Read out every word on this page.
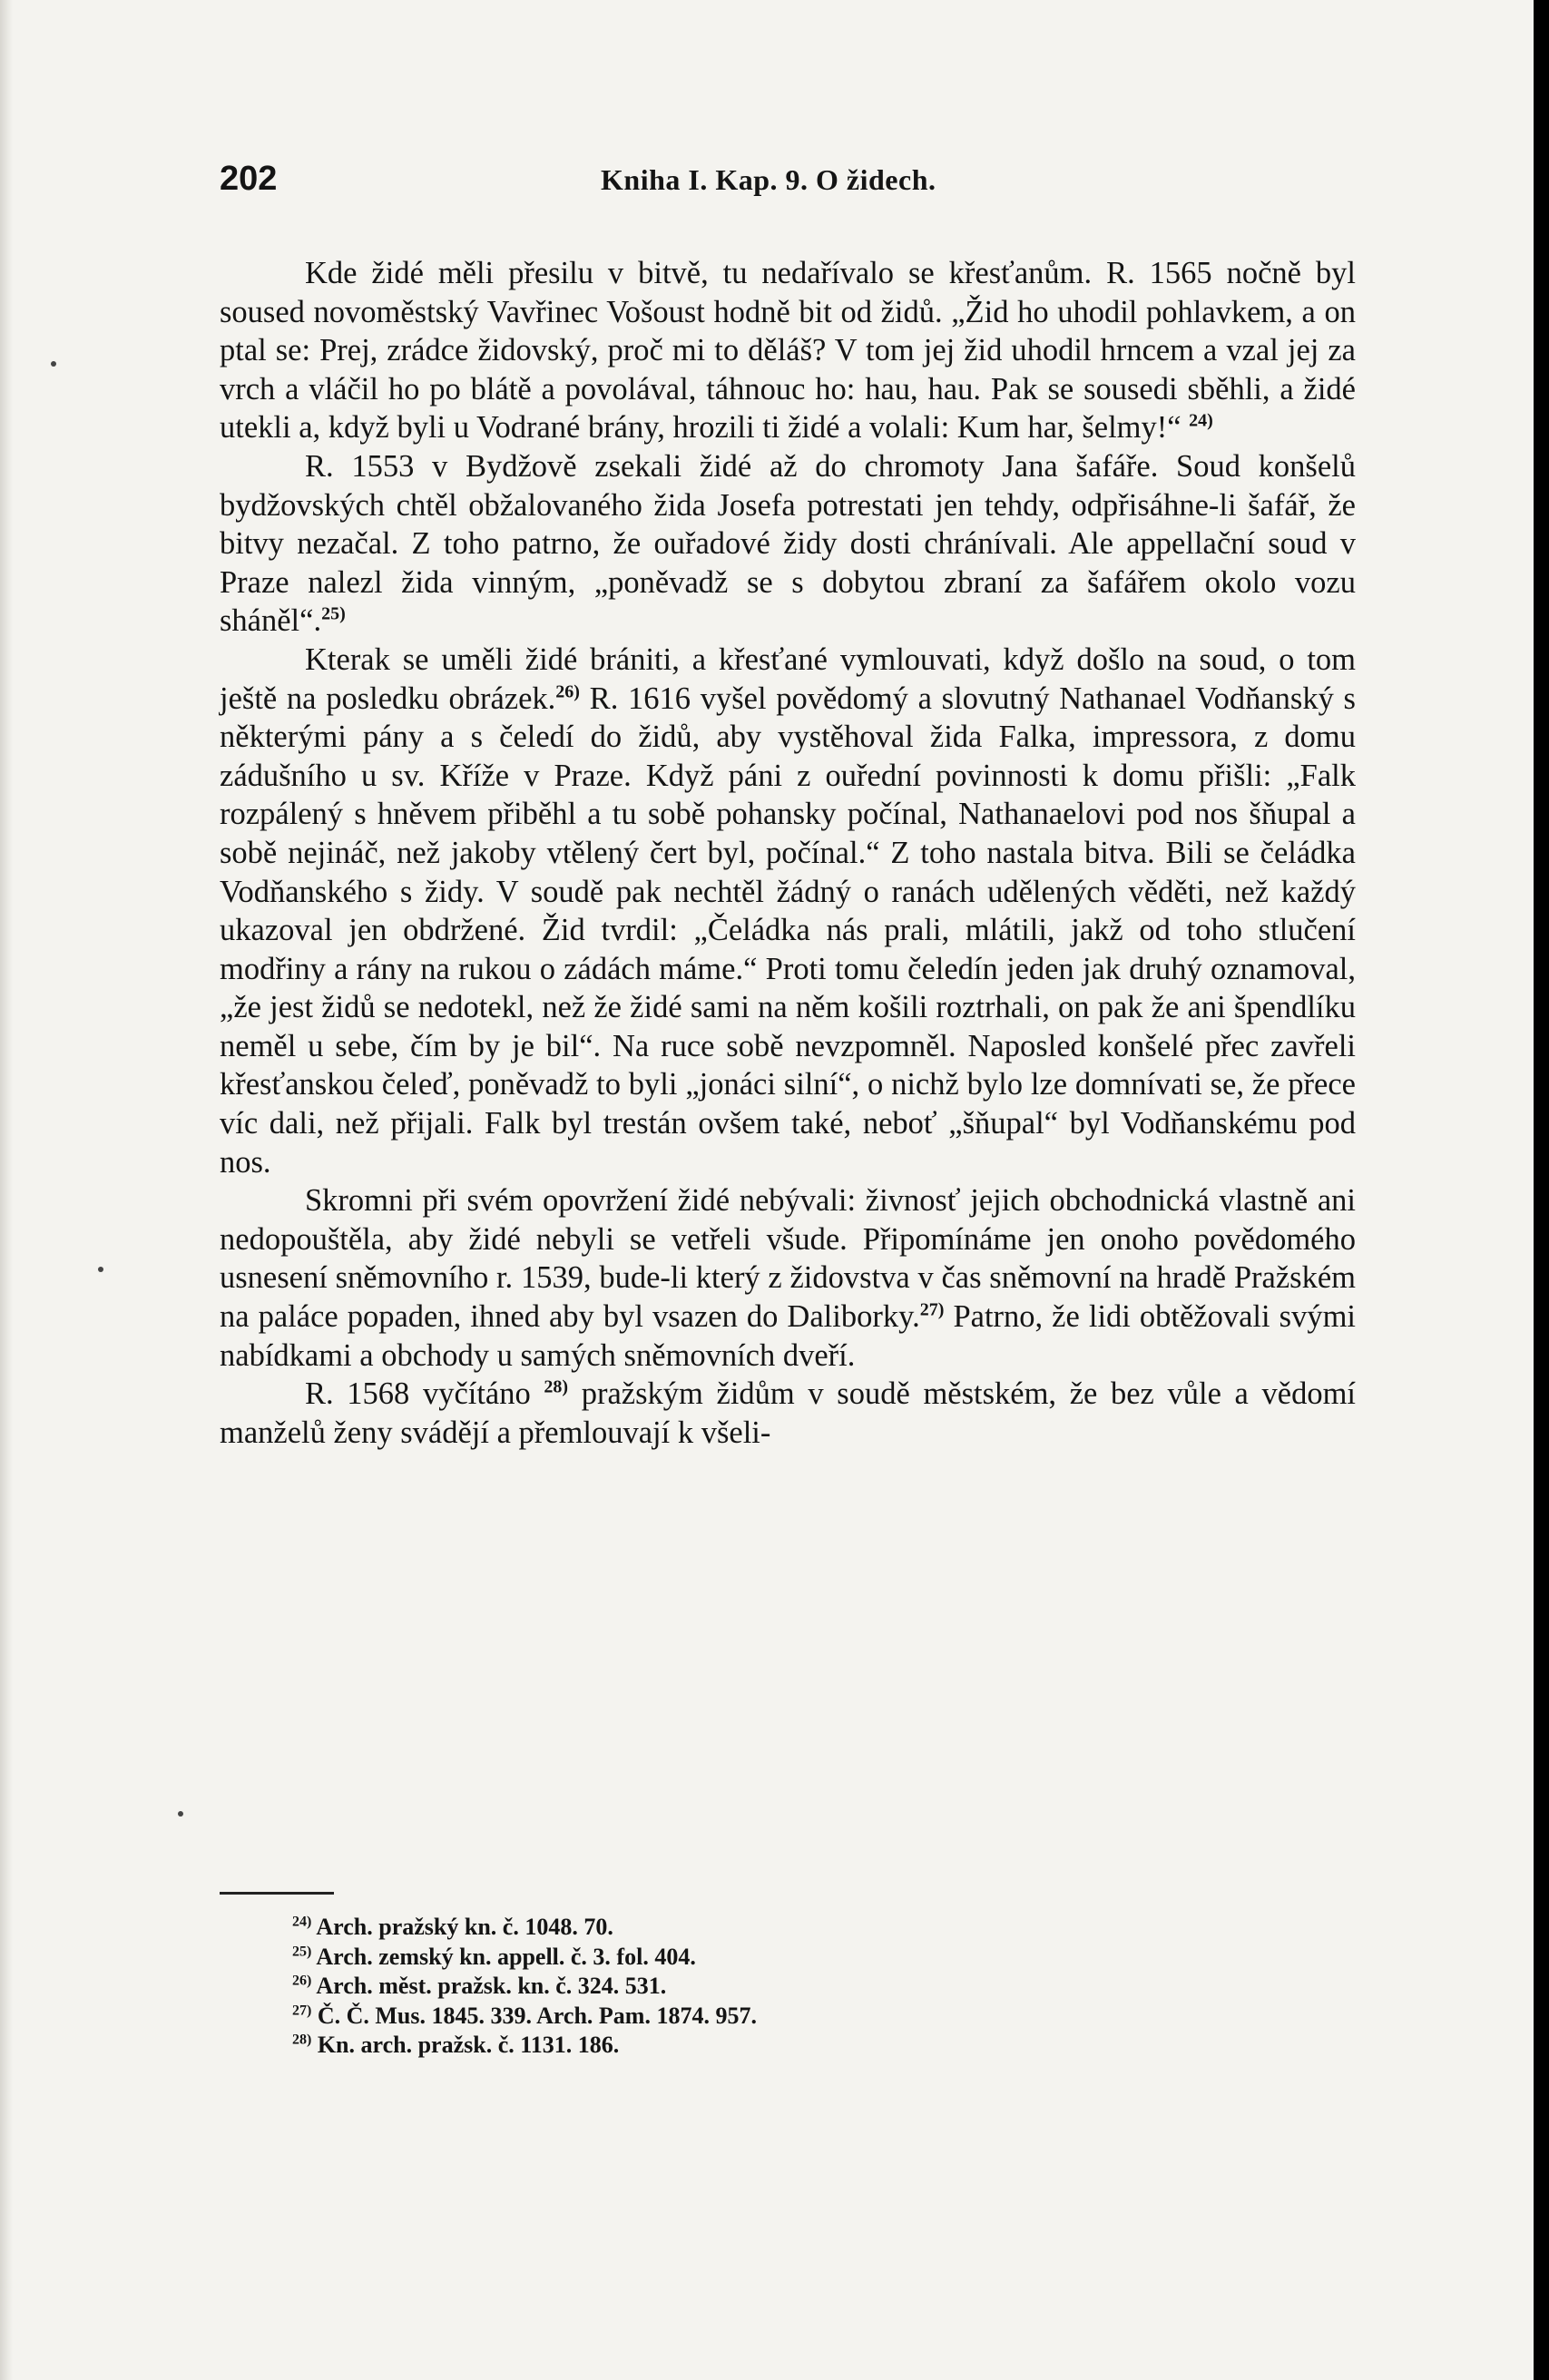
202	Kniha I. Kap. 9. O židech.

Kde židé měli přesilu v bitvě, tu nedařívalo se křesťanům. R. 1565 nočně byl soused novoměstský Vavřinec Vošoust hodně bit od židů. „Žid ho uhodil pohlavkem, a on ptal se: Prej, zrádce židovský, proč mi to děláš? V tom jej žid uhodil hrncem a vzal jej za vrch a vláčil ho po blátě a povolával, táhnouc ho: hau, hau. Pak se sousedi sběhli, a židé utekli a, když byli u Vodrané brány, hrozili ti židé a volali: Kum har, šelmy!“ $^{24)}$

R. 1553 v Bydžově zsekali židé až do chromoty Jana šafáře. Soud konšelů bydžovských chtěl obžalovaného žida Josefa potrestati jen tehdy, odpřisáhne-li šafář, že bitvy nezačal. Z toho patrno, že ouřadové židy dosti chránívali. Ale appellační soud v Praze nalezl žida vinným, „poněvadž se s dobytou zbraní za šafářem okolo vozu sháněl“.$^{25)}$

Kterak se uměli židé brániti, a křesťané vymlouvati, když došlo na soud, o tom ještě na posledku obrázek.$^{26)}$ R. 1616 vyšel povědomý a slovutný Nathanael Vodňanský s některými pány a s čeledí do židů, aby vystěhoval žida Falka, impressora, z domu zádušního u sv. Kříže v Praze. Když páni z ouřední povinnosti k domu přišli: „Falk rozpálený s hněvem přiběhl a tu sobě pohansky počínal, Nathanaelovi pod nos šňupal a sobě nejináč, než jakoby vtělený čert byl, počínal.“ Z toho nastala bitva. Bili se čeládka Vodňanského s židy. V soudě pak nechtěl žádný o ranách udělených věděti, než každý ukazoval jen obdržené. Žid tvrdil: „Čeládka nás prali, mlátili, jakž od toho stlučení modřiny a rány na rukou o zádách máme.“ Proti tomu čeledín jeden jak druhý oznamoval, „že jest židů se nedotekl, než že židé sami na něm košili roztrhali, on pak že ani špendlíku neměl u sebe, čím by je bil“. Na ruce sobě nevzpomněl. Naposled konšelé přec zavřeli křesťanskou čeleď, poněvadž to byli „jonáci silní“, o nichž bylo lze domnívati se, že přece víc dali, než přijali. Falk byl trestán ovšem také, neboť „šňupal“ byl Vodňanskému pod nos.

Skromni při svém opovržení židé nebývali: živnosť jejich obchodnická vlastně ani nedopouštěla, aby židé nebyli se vetřeli všude. Připomínáme jen onoho povědomého usnesení sněmovního r. 1539, bude-li který z židovstva v čas sněmovní na hradě Pražském na paláce popaden, ihned aby byl vsazen do Daliborky.$^{27)}$ Patrno, že lidi obtěžovali svými nabídkami a obchody u samých sněmovních dveří.

R. 1568 vyčítáno $^{28)}$ pražským židům v soudě městském, že bez vůle a vědomí manželů ženy svádějí a přemlouvají k všeli-

$^{24)}$ Arch. pražský kn. č. 1048. 70.
$^{25)}$ Arch. zemský kn. appell. č. 3. fol. 404.
$^{26)}$ Arch. měst. pražsk. kn. č. 324. 531.
$^{27)}$ Č. Č. Mus. 1845. 339. Arch. Pam. 1874. 957.
$^{28)}$ Kn. arch. pražsk. č. 1131. 186.
